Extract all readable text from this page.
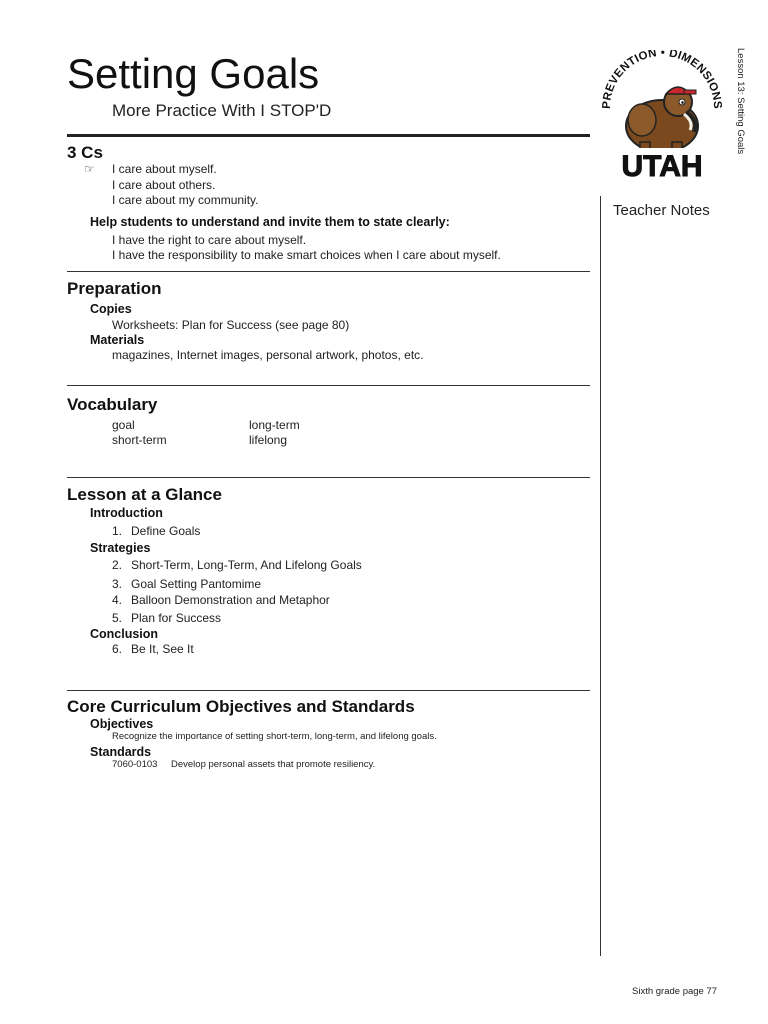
Setting Goals
More Practice With I STOP'D	PREVENTION • DIMENSIONS
UTAH
Lesson 13: Setting Goals
3 Cs
☞ I care about myself.
I care about others.
I care about my community.
Help students to understand and invite them to state clearly:
I have the right to care about myself.
I have the responsibility to make smart choices when I care about myself.
Preparation
Copies
Worksheets: Plan for Success (see page 80)
Materials
magazines, Internet images, personal artwork, photos, etc.
Vocabulary
goal
short-term
long-term
lifelong
Lesson at a Glance
Introduction
1. Define Goals
Strategies
2. Short-Term, Long-Term, And Lifelong Goals
3. Goal Setting Pantomime
4. Balloon Demonstration and Metaphor
5. Plan for Success
Conclusion
6. Be It, See It
Core Curriculum Objectives and Standards
Objectives
Recognize the importance of setting short-term, long-term, and lifelong goals.
Standards
7060-0103 Develop personal assets that promote resiliency.
Teacher Notes
Sixth grade page 77
